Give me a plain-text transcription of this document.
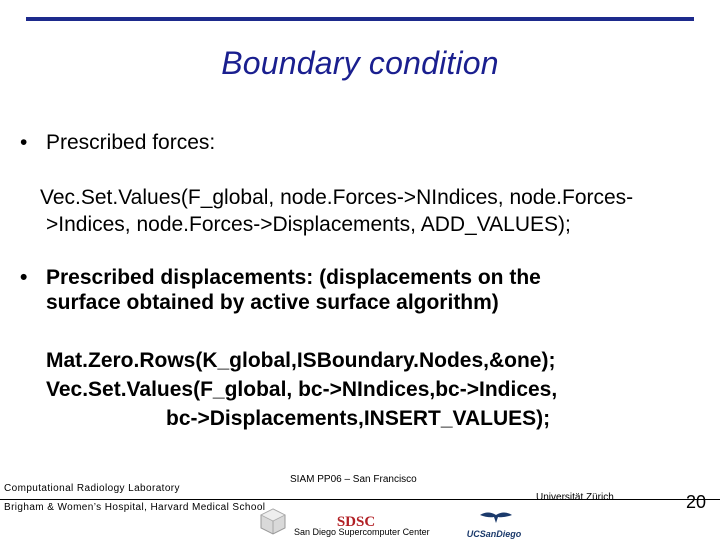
Boundary condition
• Prescribed forces:
Vec.Set.Values(F_global, node.Forces->NIndices, node.Forces-
>Indices, node.Forces->Displacements, ADD_VALUES);
• Prescribed displacements: (displacements on the
surface obtained by active surface algorithm)
Mat.Zero.Rows(K_global,ISBoundary.Nodes,&one);
Vec.Set.Values(F_global, bc->NIndices,bc->Indices,
bc->Displacements,INSERT_VALUES);
Computational Radiology Laboratory
Brigham & Women’s Hospital, Harvard Medical School
SIAM PP06 – San Francisco
SDSC
San Diego Supercomputer Center	UCSanDiego
Universität Zürich	20
